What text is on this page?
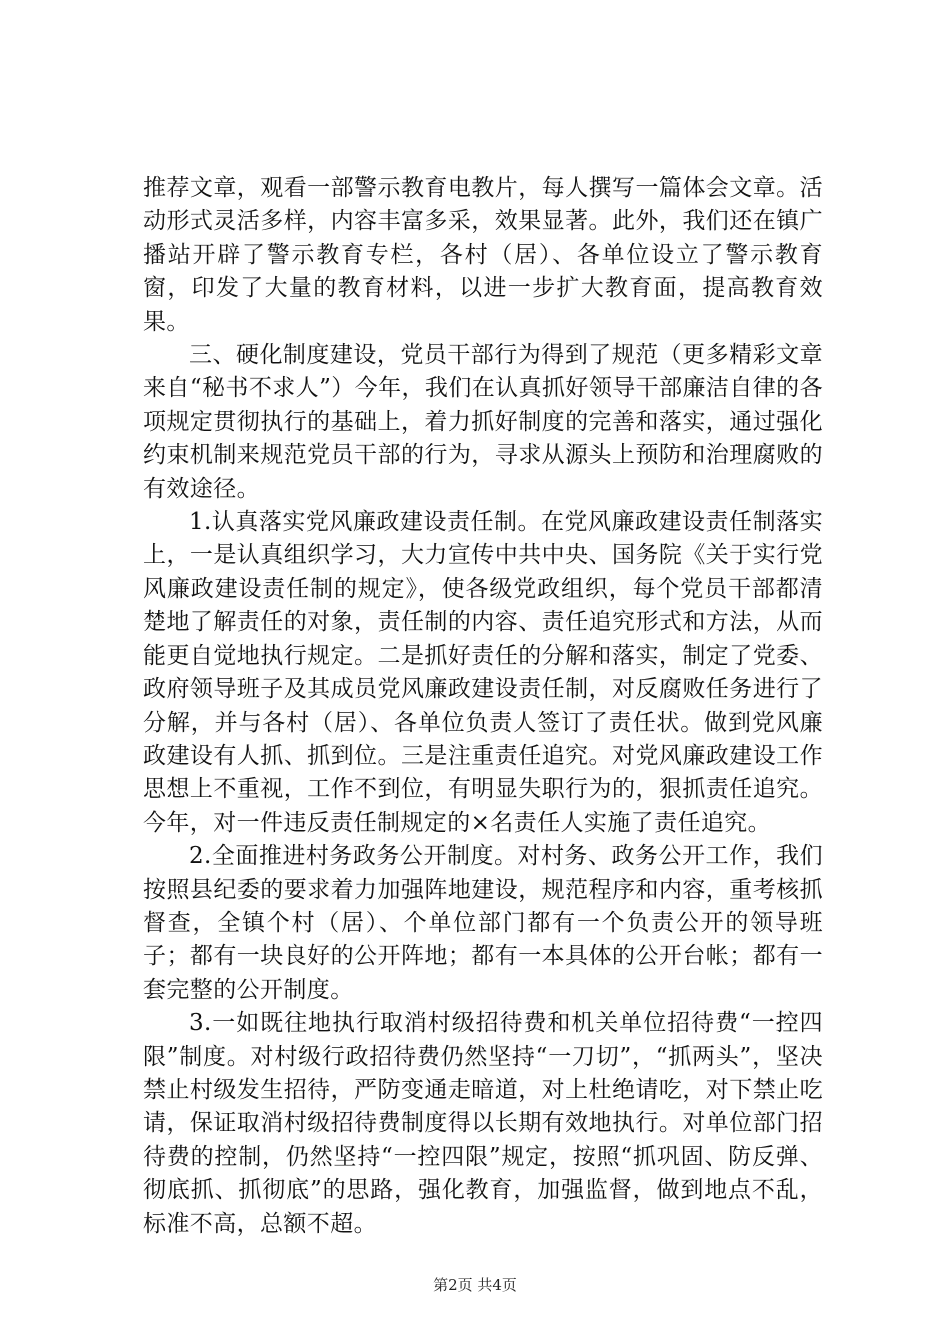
推荐文章，观看一部警示教育电教片，每人撰写一篇体会文章。活动形式灵活多样，内容丰富多采，效果显著。此外，我们还在镇广播站开辟了警示教育专栏，各村（居）、各单位设立了警示教育窗，印发了大量的教育材料，以进一步扩大教育面，提高教育效果。

三、硬化制度建设，党员干部行为得到了规范（更多精彩文章来自“秘书不求人”）今年，我们在认真抓好领导干部廉洁自律的各项规定贯彻执行的基础上，着力抓好制度的完善和落实，通过强化约束机制来规范党员干部的行为，寻求从源头上预防和治理腐败的有效途径。

1.认真落实党风廉政建设责任制。在党风廉政建设责任制落实上，一是认真组织学习，大力宣传中共中央、国务院《关于实行党风廉政建设责任制的规定》，使各级党政组织，每个党员干部都清楚地了解责任的对象，责任制的内容、责任追究形式和方法，从而能更自觉地执行规定。二是抓好责任的分解和落实，制定了党委、政府领导班子及其成员党风廉政建设责任制，对反腐败任务进行了分解，并与各村（居）、各单位负责人签订了责任状。做到党风廉政建设有人抓、抓到位。三是注重责任追究。对党风廉政建设工作思想上不重视，工作不到位，有明显失职行为的，狠抓责任追究。今年，对一件违反责任制规定的×名责任人实施了责任追究。

2.全面推进村务政务公开制度。对村务、政务公开工作，我们按照县纪委的要求着力加强阵地建设，规范程序和内容，重考核抓督查，全镇个村（居）、个单位部门都有一个负责公开的领导班子；都有一块良好的公开阵地；都有一本具体的公开台帐；都有一套完整的公开制度。

3.一如既往地执行取消村级招待费和机关单位招待费“一控四限”制度。对村级行政招待费仍然坚持“一刀切”，“抓两头”，坚决禁止村级发生招待，严防变通走暗道，对上杜绝请吃，对下禁止吃请，保证取消村级招待费制度得以长期有效地执行。对单位部门招待费的控制，仍然坚持“一控四限”规定，按照“抓巩固、防反弹、彻底抓、抓彻底”的思路，强化教育，加强监督，做到地点不乱，标准不高，总额不超。

第2页 共4页
